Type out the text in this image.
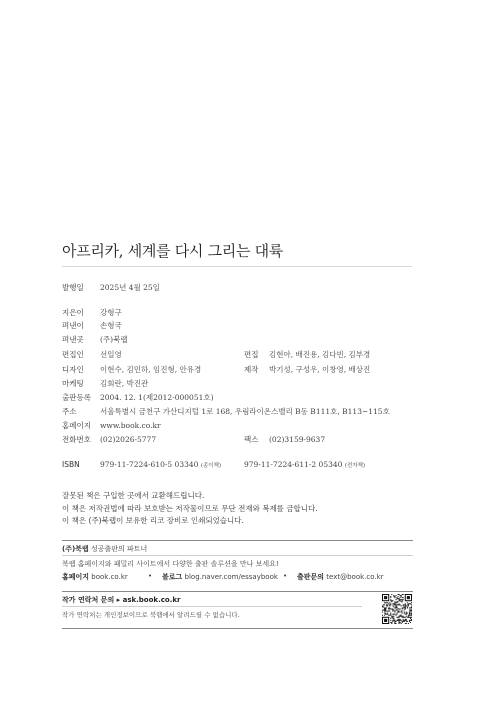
아프리카, 세계를 다시 그리는 대륙
발행일 2025년 4월 25일
지은이 강형구
펴낸이 손형국
펴낸곳 (주)북랩
편집인 선일영	편집 김현아, 배진용, 김다빈, 김부경
디자인 이현수, 김민하, 임진형, 안유경	제작 박기성, 구성우, 이창영, 배상진
마케팅 김회란, 박진관
출판등록 2004. 12. 1(제2012-000051호)
주소	서울특별시 금천구 가산디지털 1로 168, 우림라이온스밸리 B동 B111호, B113~115호
홈페이지 www.book.co.kr
전화번호 (02)2026-5777	팩스 (02)3159-9637
ISBN	979-11-7224-610-5 03340 (종이책)	979-11-7224-611-2 05340 (전자책)
잘못된 책은 구입한 곳에서 교환해드립니다.
이 책은 저작권법에 따라 보호받는 저작물이므로 무단 전재와 복제를 금합니다.
이 책은 (주)북랩이 보유한 리코 장비로 인쇄되었습니다.
(주)북랩 성공출판의 파트너
북랩 홈페이지와 패밀리 사이트에서 다양한 출판 솔루션을 만나 보세요!
홈페이지 book.co.kr	• 블로그 blog.naver.com/essaybook • 출판문의 text@book.co.kr
작가 연락처 문의 ▸ ask.book.co.kr
작가 연락처는 개인정보이므로 북랩에서 알려드릴 수 없습니다.
